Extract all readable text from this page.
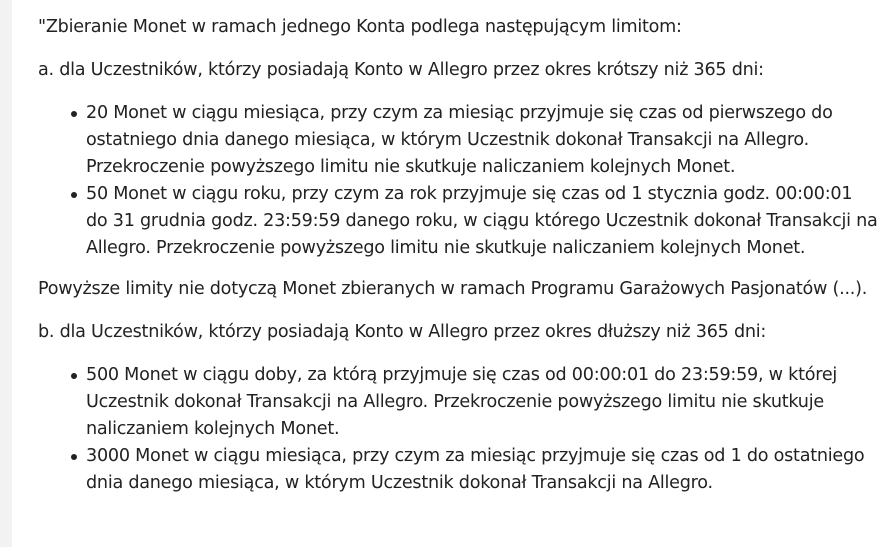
"Zbieranie Monet w ramach jednego Konta podlega następującym limitom:

a. dla Uczestników, którzy posiadają Konto w Allegro przez okres krótszy niż 365 dni:

20 Monet w ciągu miesiąca, przy czym za miesiąc przyjmuje się czas od pierwszego do ostatniego dnia danego miesiąca, w którym Uczestnik dokonał Transakcji na Allegro. Przekroczenie powyższego limitu nie skutkuje naliczaniem kolejnych Monet.
50 Monet w ciągu roku, przy czym za rok przyjmuje się czas od 1 stycznia godz. 00:00:01 do 31 grudnia godz. 23:59:59 danego roku, w ciągu którego Uczestnik dokonał Transakcji na Allegro. Przekroczenie powyższego limitu nie skutkuje naliczaniem kolejnych Monet.

Powyższe limity nie dotyczą Monet zbieranych w ramach Programu Garażowych Pasjonatów (...).

b. dla Uczestników, którzy posiadają Konto w Allegro przez okres dłuższy niż 365 dni:

500 Monet w ciągu doby, za którą przyjmuje się czas od 00:00:01 do 23:59:59, w której Uczestnik dokonał Transakcji na Allegro. Przekroczenie powyższego limitu nie skutkuje naliczaniem kolejnych Monet.
3000 Monet w ciągu miesiąca, przy czym za miesiąc przyjmuje się czas od 1 do ostatniego dnia danego miesiąca, w którym Uczestnik dokonał Transakcji na Allegro.
